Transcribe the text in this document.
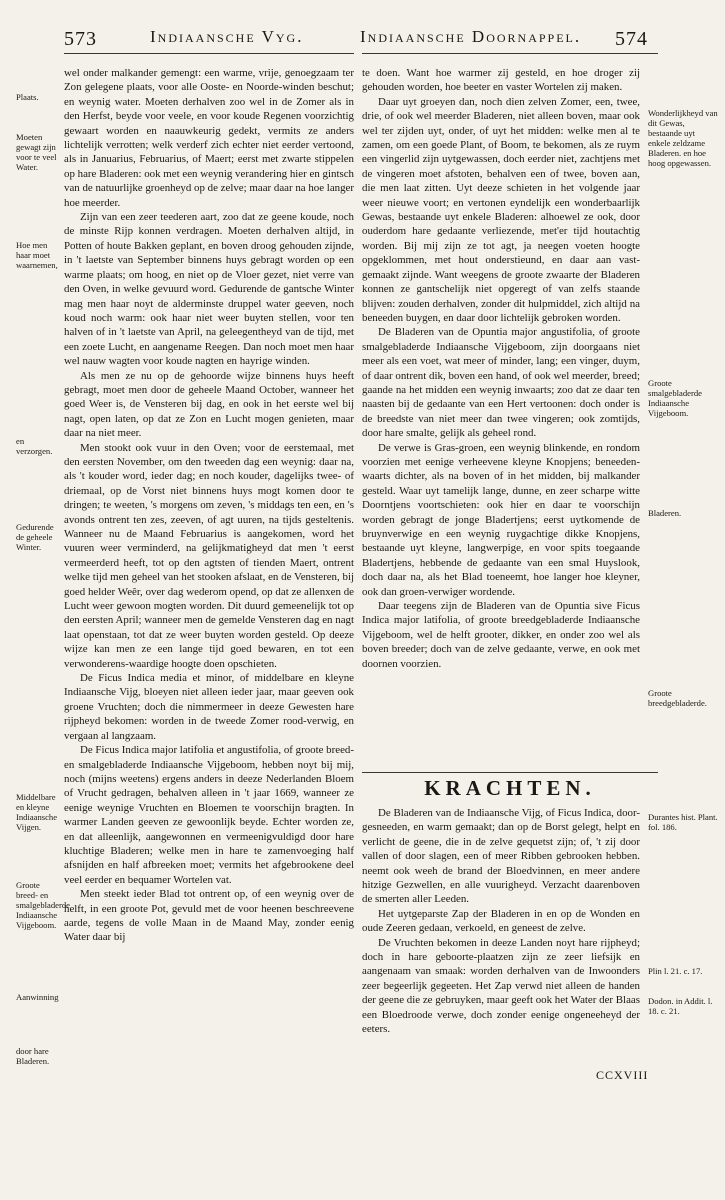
573	Indiaansche Vyg.	Indiaansche Doornappel. 574
Plaats.
Moeten gewagt zijn voor te veel Water.
Hoe men haar moet waarnemen,
en verzorgen.
Gedurende de geheele Winter.
Middelbare en kleyne Indiaansche Vijgen.
Groote breed- en smalgebladerde Indiaansche Vijgeboom.
Aanwinning
door hare Bladeren.

wel onder malkander gemengt: een warme, vrije, genoegzaam ter Zon gelegene plaats, voor alle Ooste- en Noorde-winden beschut; en weynig water. Moeten derhalven zoo wel in de Zomer als in den Herfst, beyde voor veele, en voor koude Regenen voorzichtig gewaart worden en naauwkeurig gedekt, vermits ze anders lichtelijk verrotten; welk verderf zich echter niet eerder vertoond, als in Januarius, Februarius, of Maert; eerst met zwarte stippelen op hare Bladeren: ook met een weynig verandering hier en gintsch van de natuurlijke groenheyd op de zelve; maar daar na hoe langer hoe meerder.

Zijn van een zeer teederen aart, zoo dat ze geene koude, noch de minste Rijp konnen verdragen. Moeten derhalven altijd, in Potten of houte Bakken geplant, en boven droog gehouden zijnde, in 't laetste van September binnens huys gebragt worden op een warme plaats; om hoog, en niet op de Vloer gezet, niet verre van den Oven, in welke gevuurd word. Gedurende de gantsche Winter mag men haar noyt de alderminste druppel water geeven, noch koud noch warm: ook haar niet weer buyten stellen, voor ten halven of in 't laetste van April, na geleegentheyd van de tijd, met een zoete Lucht, en aangename Reegen. Dan noch moet men haar wel nauw wagten voor koude nagten en hayrige winden.

Als men ze nu op de gehoorde wijze binnens huys heeft gebragt, moet men door de geheele Maand October, wanneer het goed Weer is, de Vensteren bij dag, en ook in het eerste wel bij nagt, open laten, op dat ze Zon en Lucht mogen genieten, maar daar na niet meer.

Men stookt ook vuur in den Oven; voor de eerstemaal, met den eersten November, om den tweeden dag een weynig: daar na, als 't kouder word, ieder dag; en noch kouder, dagelijks twee- of driemaal, op de Vorst niet binnens huys mogt komen door te dringen; te weeten, 's morgens om zeven, 's middags ten een, en 's avonds ontrent ten zes, zeeven, of agt uuren, na tijds gesteltenis. Wanneer nu de Maand Februarius is aangekomen, word het vuuren weer verminderd, na gelijkmatigheyd dat men 't eerst vermeerderd heeft, tot op den agtsten of tienden Maert, ontrent welke tijd men geheel van het stooken afslaat, en de Vensteren, bij goed helder Weêr, over dag wederom opend, op dat ze allenxen de Lucht weer gewoon mogten worden. Dit duurd gemeenelijk tot op den eersten April; wanneer men de gemelde Vensteren dag en nagt laat openstaan, tot dat ze weer buyten worden gesteld. Op deeze wijze kan men ze een lange tijd goed bewaren, en tot een verwonderens-waardige hoogte doen opschieten.

De Ficus Indica media et minor, of middelbare en kleyne Indiaansche Vijg, bloeyen niet alleen ieder jaar, maar geeven ook groene Vruchten; doch die nimmermeer in deeze Gewesten hare rijpheyd bekomen: worden in de tweede Zomer rood-verwig, en vergaan al langzaam.

De Ficus Indica major latifolia et angustifolia, of groote breed- en smalgebladerde Indiaansche Vijgeboom, hebben noyt bij mij, noch (mijns weetens) ergens anders in deeze Nederlanden Bloem of Vrucht gedragen, behalven alleen in 't jaar 1669, wanneer ze eenige weynige Vruchten en Bloemen te voorschijn bragten. In warmer Landen geeven ze gewoonlijk beyde. Echter worden ze, en dat alleenlijk, aangewonnen en vermeenigvuldigd door hare kluchtige Bladeren; welke men in hare te zamenvoeging half afsnijden en half afbreeken moet; vermits het afgebrookene deel veel eerder en bequamer Wortelen vat.

Men steekt ieder Blad tot ontrent op, of een weynig over de helft, in een groote Pot, gevuld met de voor heenen beschreevene aarde, tegens de volle Maan in de Maand May, zonder eenig Water daar bij

te doen. Want hoe warmer zij gesteld, en hoe droger zij gehouden worden, hoe beeter en vaster Wortelen zij maken.

Daar uyt groeyen dan, noch dien zelven Zomer, een, twee, drie, of ook wel meerder Bladeren, niet alleen boven, maar ook wel ter zijden uyt, onder, of uyt het midden: welke men al te zamen, om een goede Plant, of Boom, te bekomen, als ze ruym een vingerlid zijn uytgewassen, doch eerder niet, zachtjens met de vingeren moet afstoten, behalven een of twee, boven aan, die men laat zitten. Uyt deeze schieten in het volgende jaar weer nieuwe voort; en vertonen eyndelijk een wonderbaarlijk Gewas, bestaande uyt enkele Bladeren: alhoewel ze ook, door ouderdom hare gedaante verliezende, met'er tijd houtachtig worden. Bij mij zijn ze tot agt, ja neegen voeten hoogte opgeklommen, met hout onderstieund, en daar aan vast-gemaakt zijnde. Want weegens de groote zwaarte der Bladeren konnen ze gantschelijk niet opgeregt of van zelfs staande blijven: zouden derhalven, zonder dit hulpmiddel, zich altijd na beneeden buygen, en daar door lichtelijk gebroken worden.

De Bladeren van de Opuntia major angustifolia, of groote smalgebladerde Indiaansche Vijgeboom, zijn doorgaans niet meer als een voet, wat meer of minder, lang; een vinger, duym, of daar ontrent dik, boven een hand, of ook wel meerder, breed; gaande na het midden een weynig inwaarts; zoo dat ze daar ten naasten bij de gedaante van een Hert vertoonen: doch onder is de breedste van niet meer dan twee vingeren; ook zomtijds, door hare smalte, gelijk als geheel rond.

De verwe is Gras-groen, een weynig blinkende, en rondom voorzien met eenige verheevene kleyne Knopjens; beneeden-waarts dichter, als na boven of in het midden, bij malkander gesteld. Waar uyt tamelijk lange, dunne, en zeer scharpe witte Doorntjens voortschieten: ook hier en daar te voorschijn worden gebragt de jonge Bladertjens; eerst uytkomende de bruynverwige en een weynig ruygachtige dikke Knopjens, bestaande uyt kleyne, langwerpige, en voor spits toegaande Bladertjens, hebbende de gedaante van een smal Huyslook, doch daar na, als het Blad toeneemt, hoe langer hoe kleyner, ook dan groen-verwiger wordende.

Daar teegens zijn de Bladeren van de Opuntia sive Ficus Indica major latifolia, of groote breedgebladerde Indiaansche Vijgeboom, wel de helft grooter, dikker, en onder zoo wel als boven breeder; doch van de zelve gedaante, verwe, en ook met doornen voorzien.

Wonderlijkheyd van dit Gewas, bestaande uyt enkele zeldzame Bladeren. en hoe hoog opgewassen.
Groote smalgebladerde Indiaansche Vijgeboom.
Bladeren.
Groote breedgebladerde.
KRACHTEN.

De Bladeren van de Indiaansche Vijg, of Ficus Indica, door-gesneeden, en warm gemaakt; dan op de Borst gelegt, helpt en verlicht de geene, die in de zelve gequetst zijn; of, 't zij door vallen of door slagen, een of meer Ribben gebrooken hebben. neemt ook weeh de brand der Bloedvinnen, en meer andere hitzige Gezwellen, en alle vuurigheyd. Verzacht daarenboven de smerten aller Leeden.

Het uytgeparste Zap der Bladeren in en op de Wonden en oude Zeeren gedaan, verkoeld, en geneest de zelve.

De Vruchten bekomen in deeze Landen noyt hare rijpheyd; doch in hare geboorte-plaatzen zijn ze zeer liefsijk en aangenaam van smaak: worden derhalven van de Inwoonders zeer begeerlijk gegeeten. Het Zap verwd niet alleen de handen der geene die ze gebruyken, maar geeft ook het Water der Blaas een Bloedroode verwe, doch zonder eenige ongeneeheyd der eeters.

Durantes hist. Plant. fol. 186.
Plin l. 21. c. 17.
Dodon. in Addit. l. 18. c. 21.
CCXVIII
